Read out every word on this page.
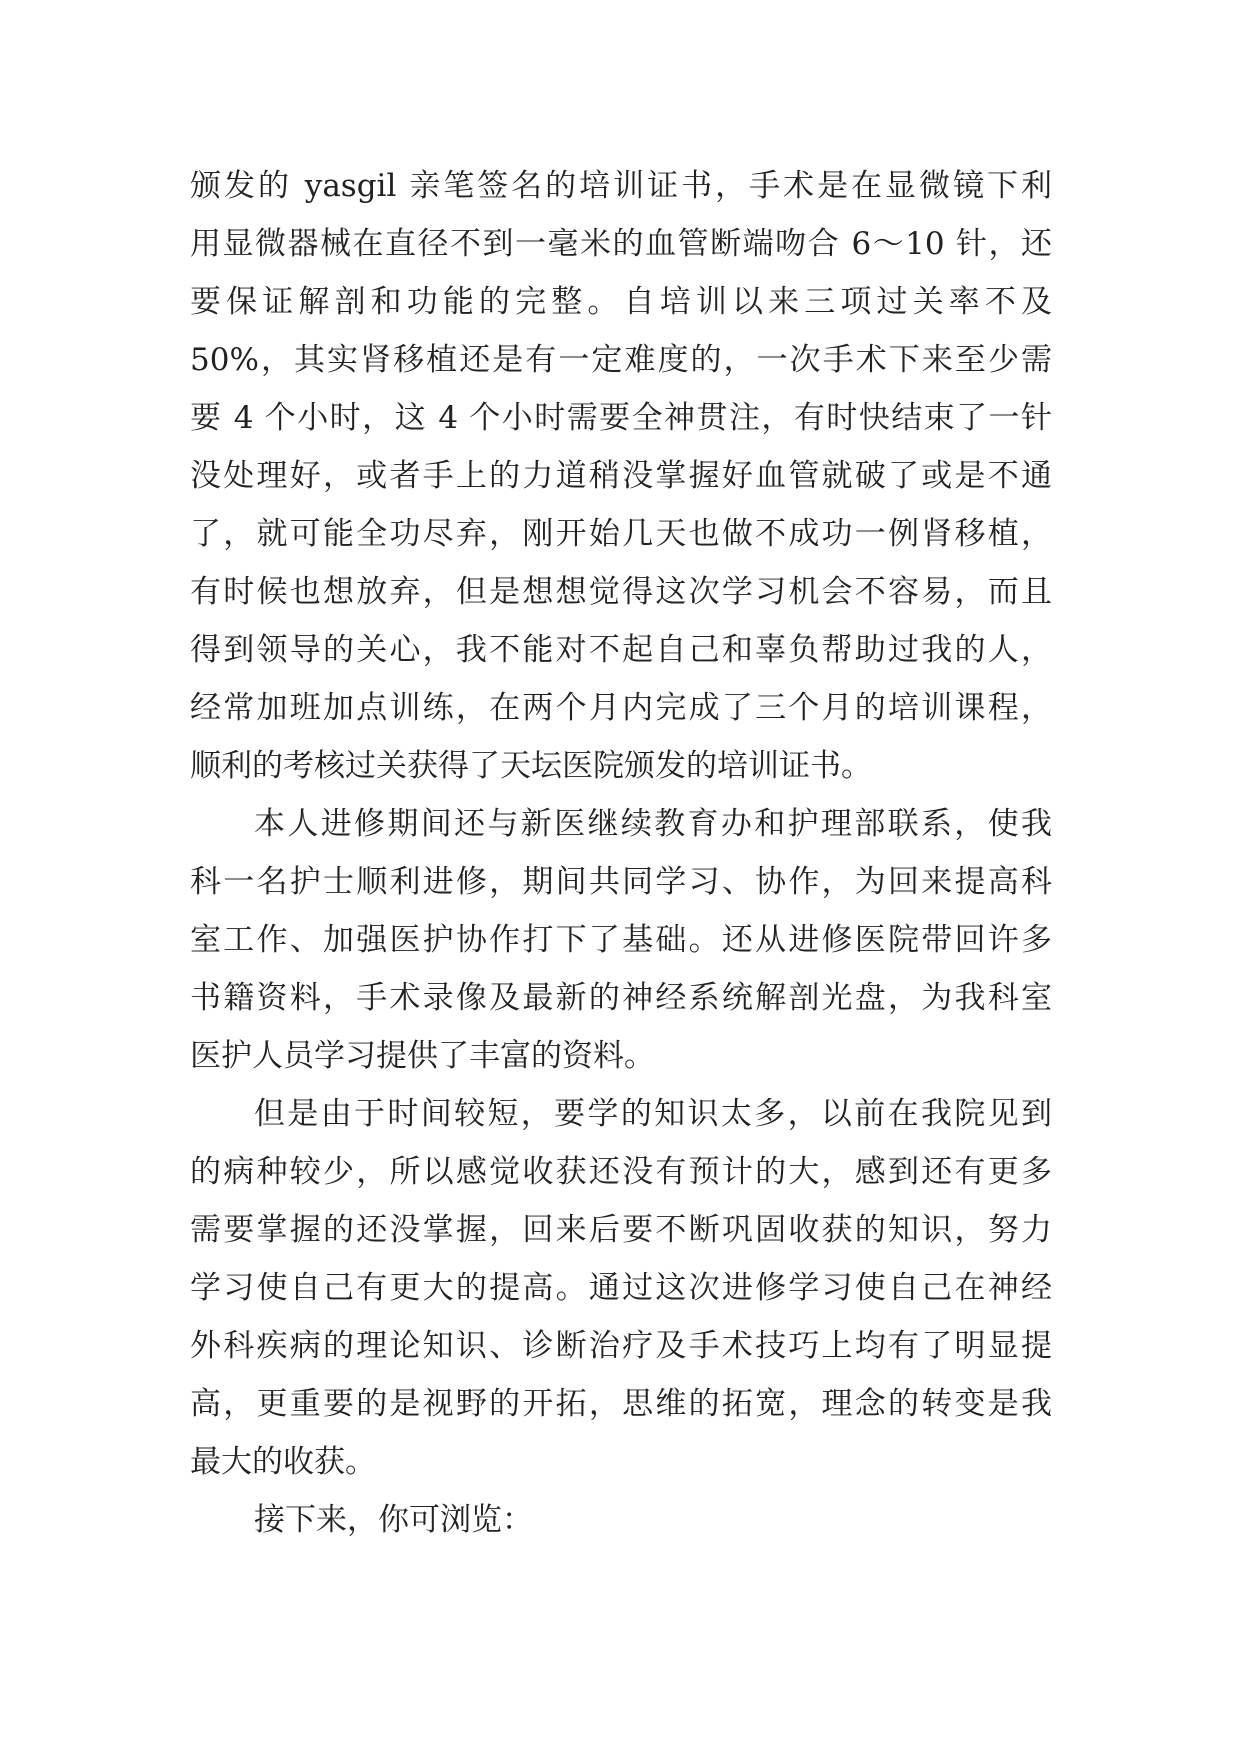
颁发的 yasgil 亲笔签名的培训证书，手术是在显微镜下利
用显微器械在直径不到一毫米的血管断端吻合 6～10 针，还
要保证解剖和功能的完整。自培训以来三项过关率不及
50%，其实肾移植还是有一定难度的，一次手术下来至少需
要 4 个小时，这 4 个小时需要全神贯注，有时快结束了一针
没处理好，或者手上的力道稍没掌握好血管就破了或是不通
了，就可能全功尽弃，刚开始几天也做不成功一例肾移植，
有时候也想放弃，但是想想觉得这次学习机会不容易，而且
得到领导的关心，我不能对不起自己和辜负帮助过我的人，
经常加班加点训练，在两个月内完成了三个月的培训课程，
顺利的考核过关获得了天坛医院颁发的培训证书。
本人进修期间还与新医继续教育办和护理部联系，使我
科一名护士顺利进修，期间共同学习、协作，为回来提高科
室工作、加强医护协作打下了基础。还从进修医院带回许多
书籍资料，手术录像及最新的神经系统解剖光盘，为我科室
医护人员学习提供了丰富的资料。
但是由于时间较短，要学的知识太多，以前在我院见到
的病种较少，所以感觉收获还没有预计的大，感到还有更多
需要掌握的还没掌握，回来后要不断巩固收获的知识，努力
学习使自己有更大的提高。通过这次进修学习使自己在神经
外科疾病的理论知识、诊断治疗及手术技巧上均有了明显提
高，更重要的是视野的开拓，思维的拓宽，理念的转变是我
最大的收获。
接下来，你可浏览：
